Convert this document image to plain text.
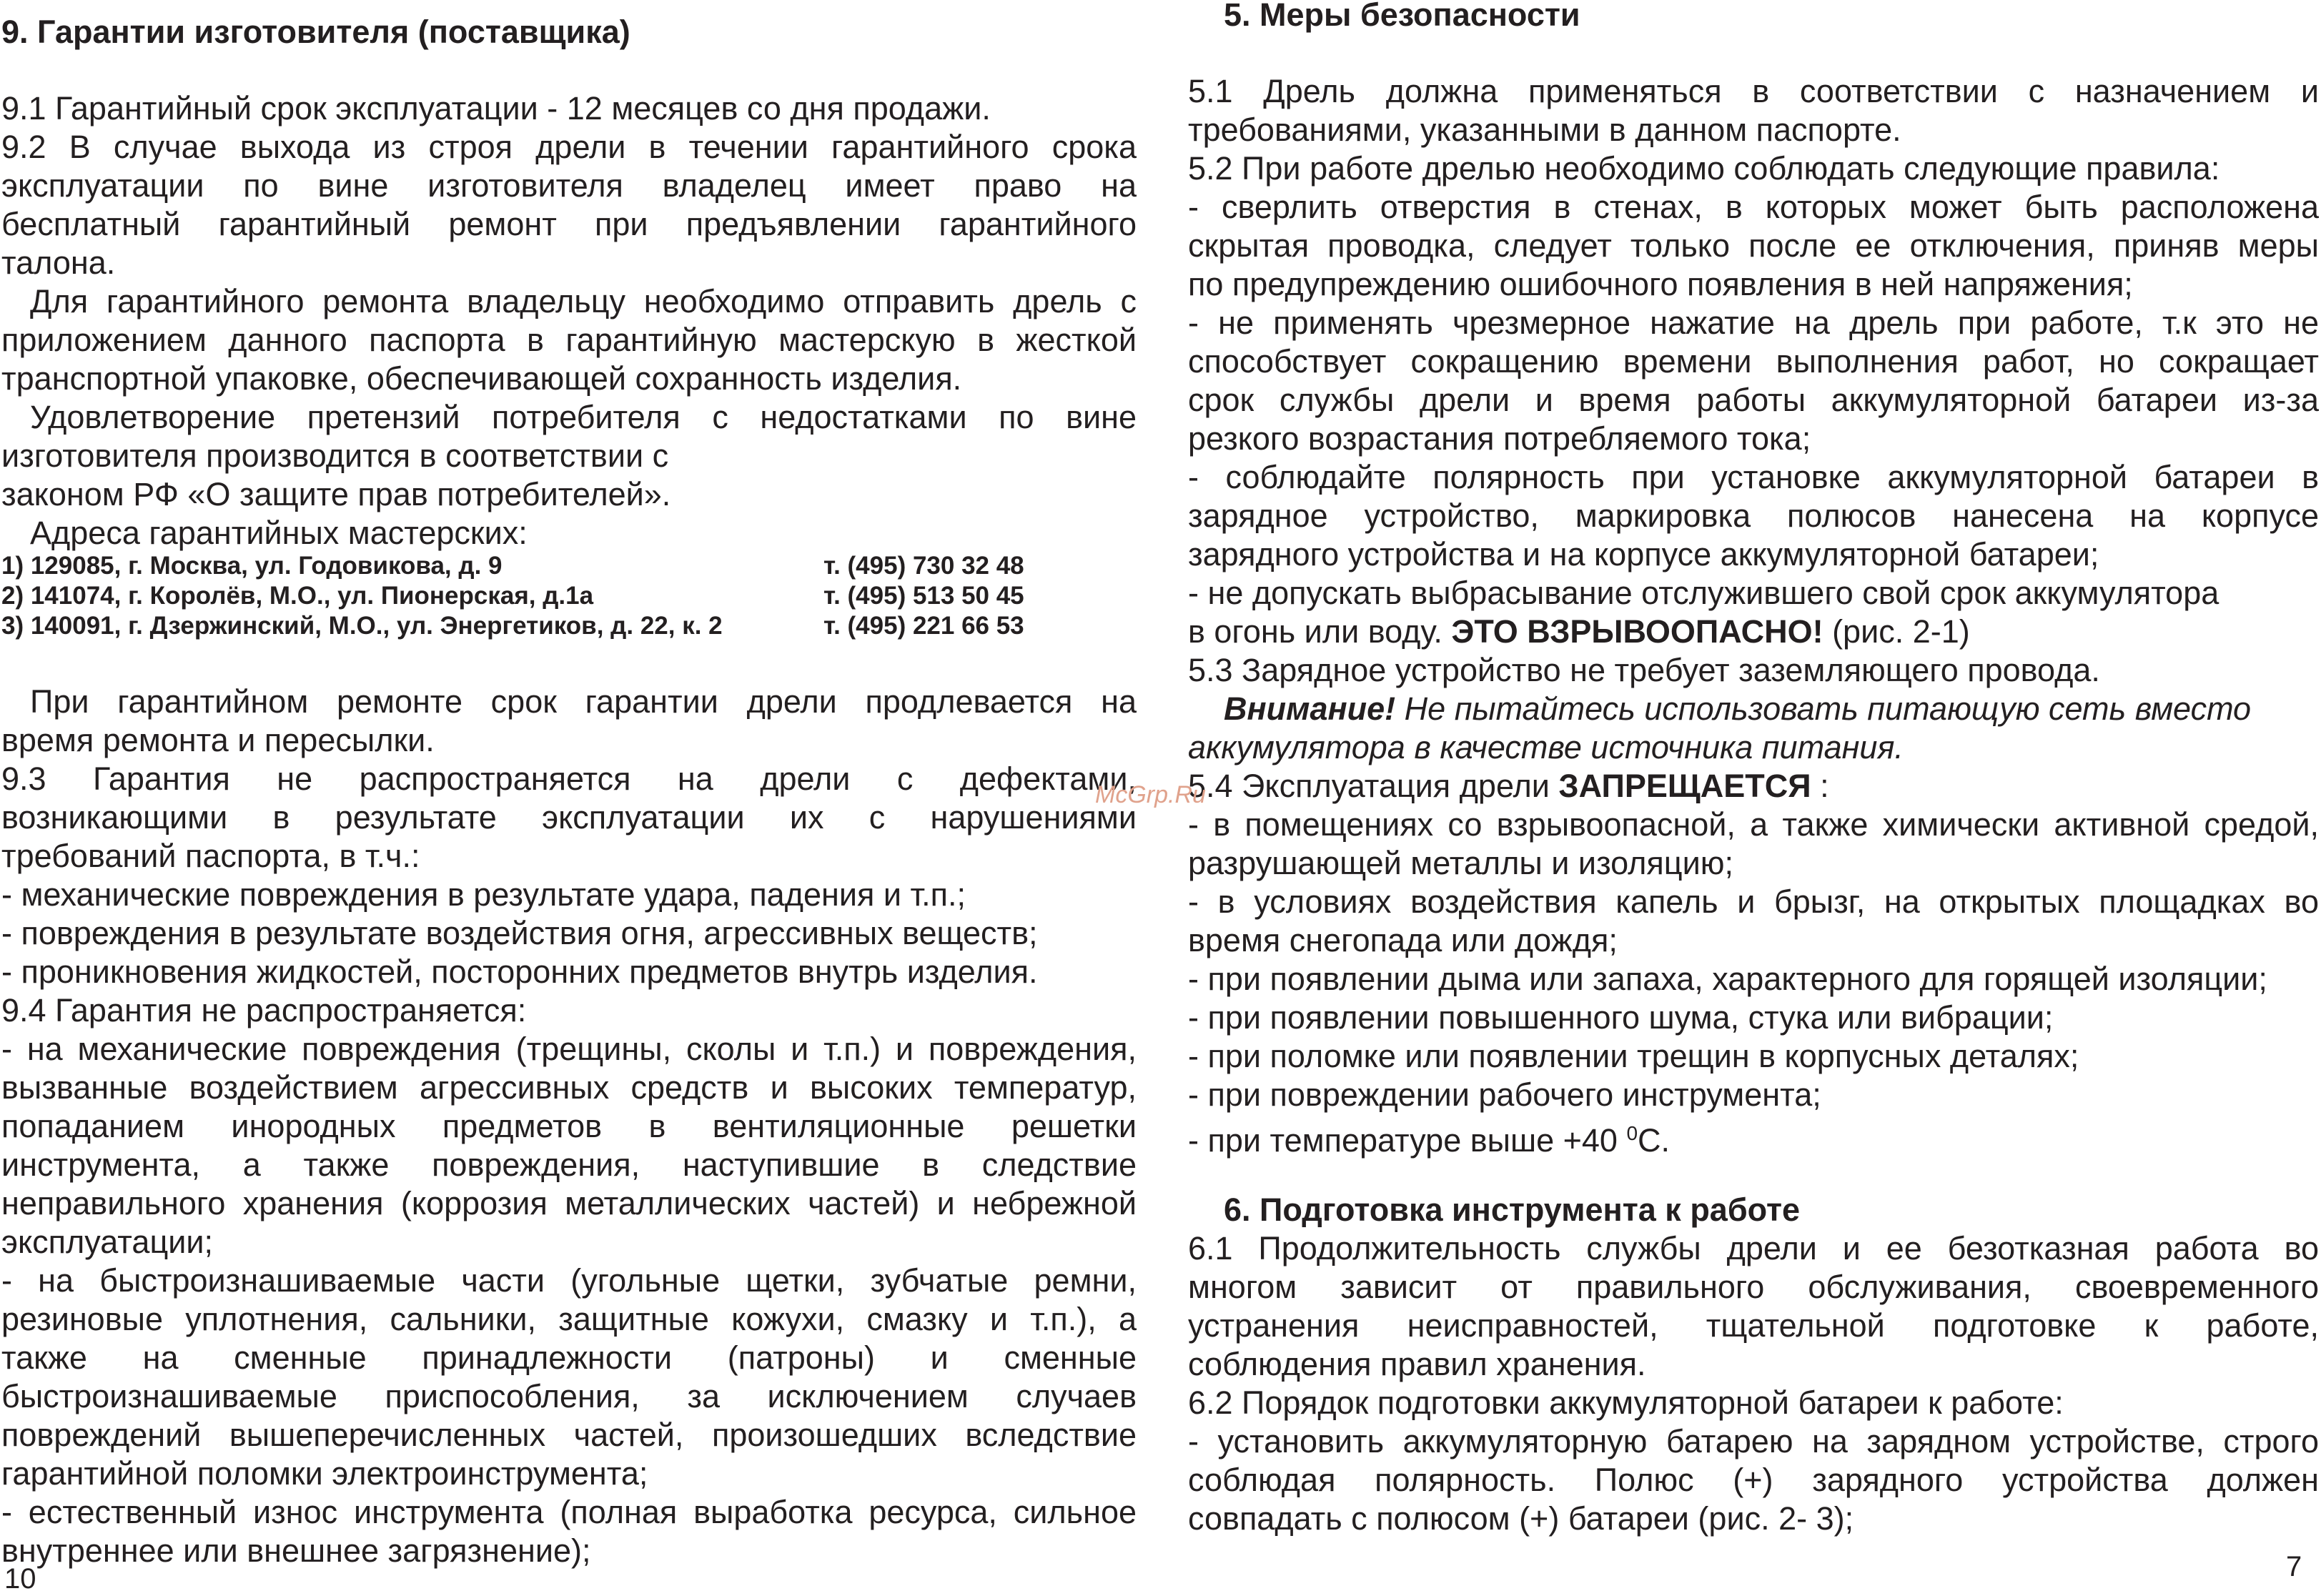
9. Гарантии изготовителя (поставщика)
9.1 Гарантийный срок эксплуатации - 12 месяцев со дня продажи.
9.2 В случае выхода из строя дрели в течении гарантийного срока
эксплуатации по вине изготовителя владелец имеет право на
бесплатный гарантийный ремонт при предъявлении гарантийного
талона.
Для гарантийного ремонта владельцу необходимо отправить дрель с
приложением данного паспорта в гарантийную мастерскую в жесткой
транспортной упаковке, обеспечивающей сохранность изделия.
Удовлетворение претензий потребителя с недостатками по вине
изготовителя производится в соответствии с
законом РФ «О защите прав потребителей».
Адреса гарантийных мастерских:
1) 129085, г. Москва, ул. Годовикова, д. 9	т. (495) 730 32 48
2) 141074, г. Королёв, М.О., ул. Пионерская, д.1а	т. (495) 513 50 45
3) 140091, г. Дзержинский, М.О., ул. Энергетиков, д. 22, к. 2	т. (495) 221 66 53
При гарантийном ремонте срок гарантии дрели продлевается на
время ремонта и пересылки.
9.3 Гарантия не распространяется на дрели с дефектами,
возникающими в результате эксплуатации их с нарушениями
требований паспорта, в т.ч.:
- механические повреждения в результате удара, падения и т.п.;
- повреждения в результате воздействия огня, агрессивных веществ;
- проникновения жидкостей, посторонних предметов внутрь изделия.
9.4 Гарантия не распространяется:
- на механические повреждения (трещины, сколы и т.п.) и повреждения,
вызванные воздействием агрессивных средств и высоких температур,
попаданием инородных предметов в вентиляционные решетки
инструмента, а также повреждения, наступившие в следствие
неправильного хранения (коррозия металлических частей) и небрежной
эксплуатации;
- на быстроизнашиваемые части (угольные щетки, зубчатые ремни,
резиновые уплотнения, сальники, защитные кожухи, смазку и т.п.), а
также на сменные принадлежности (патроны) и сменные
быстроизнашиваемые приспособления, за исключением случаев
повреждений вышеперечисленных частей, произошедших вследствие
гарантийной поломки электроинструмента;
- естественный износ инструмента (полная выработка ресурса, сильное
внутреннее или внешнее загрязнение);
10
5. Меры безопасности
5.1 Дрель должна применяться в соответствии с назначением и
требованиями, указанными в данном паспорте.
5.2 При работе дрелью необходимо соблюдать следующие правила:
- сверлить отверстия в стенах, в которых может быть расположена
скрытая проводка, следует только после ее отключения, приняв меры
по предупреждению ошибочного появления в ней напряжения;
- не применять чрезмерное нажатие на дрель при работе, т.к это не
способствует сокращению времени выполнения работ, но сокращает
срок службы дрели и время работы аккумуляторной батареи из-за
резкого возрастания потребляемого тока;
- соблюдайте полярность при установке аккумуляторной батареи в
зарядное устройство, маркировка полюсов нанесена на корпусе
зарядного устройства и на корпусе аккумуляторной батареи;
- не допускать выбрасывание отслужившего свой срок аккумулятора
в огонь или воду. ЭТО ВЗРЫВООПАСНО! (рис. 2-1)
5.3 Зарядное устройство не требует заземляющего провода.
Внимание! Не пытайтесь использовать питающую сеть вместо
аккумулятора в качестве источника питания.
5.4 Эксплуатация дрели ЗАПРЕЩАЕТСЯ :
- в помещениях со взрывоопасной, а также химически активной средой,
разрушающей металлы и изоляцию;
- в условиях воздействия капель и брызг, на открытых площадках во
время снегопада или дождя;
- при появлении дыма или запаха, характерного для горящей изоляции;
- при появлении повышенного шума, стука или вибрации;
- при поломке или появлении трещин в корпусных деталях;
- при повреждении рабочего инструмента;
- при температуре выше +40 $^0$С.
6. Подготовка инструмента к работе
6.1 Продолжительность службы дрели и ее безотказная работа во
многом зависит от правильного обслуживания, своевременного
устранения неисправностей, тщательной подготовке к работе,
соблюдения правил хранения.
6.2 Порядок подготовки аккумуляторной батареи к работе:
- установить аккумуляторную батарею на зарядном устройстве, строго
соблюдая полярность. Полюс (+) зарядного устройства должен
совпадать с полюсом (+) батареи (рис. 2- 3);
7
McGrp.Ru
